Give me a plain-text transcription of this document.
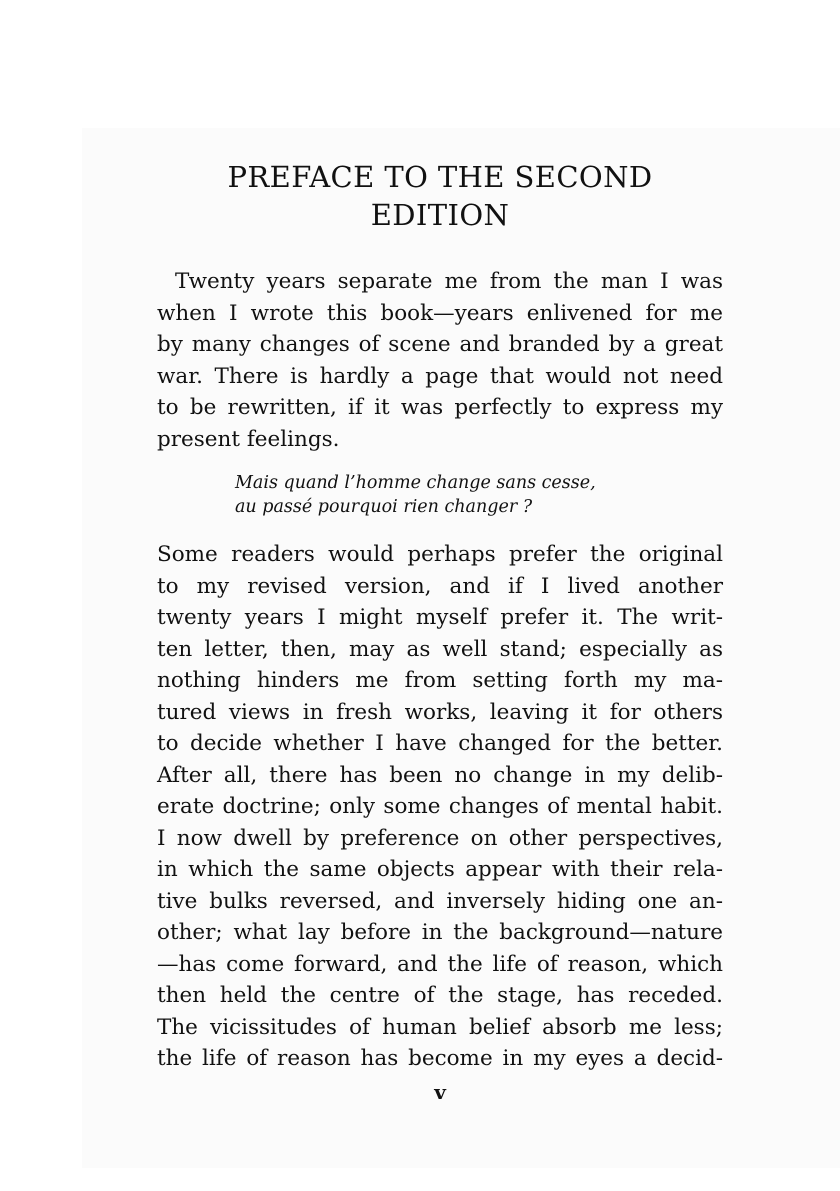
PREFACE TO THE SECOND
EDITION
Twenty years separate me from the man I was
when I wrote this book—years enlivened for me
by many changes of scene and branded by a great
war. There is hardly a page that would not need
to be rewritten, if it was perfectly to express my
present feelings.
Mais quand l’homme change sans cesse,
au passé pourquoi rien changer ?
Some readers would perhaps prefer the original
to my revised version, and if I lived another
twenty years I might myself prefer it. The writ-
ten letter, then, may as well stand; especially as
nothing hinders me from setting forth my ma-
tured views in fresh works, leaving it for others
to decide whether I have changed for the better.
After all, there has been no change in my delib-
erate doctrine; only some changes of mental habit.
I now dwell by preference on other perspectives,
in which the same objects appear with their rela-
tive bulks reversed, and inversely hiding one an-
other; what lay before in the background—nature
—has come forward, and the life of reason, which
then held the centre of the stage, has receded.
The vicissitudes of human belief absorb me less;
the life of reason has become in my eyes a decid-
v
